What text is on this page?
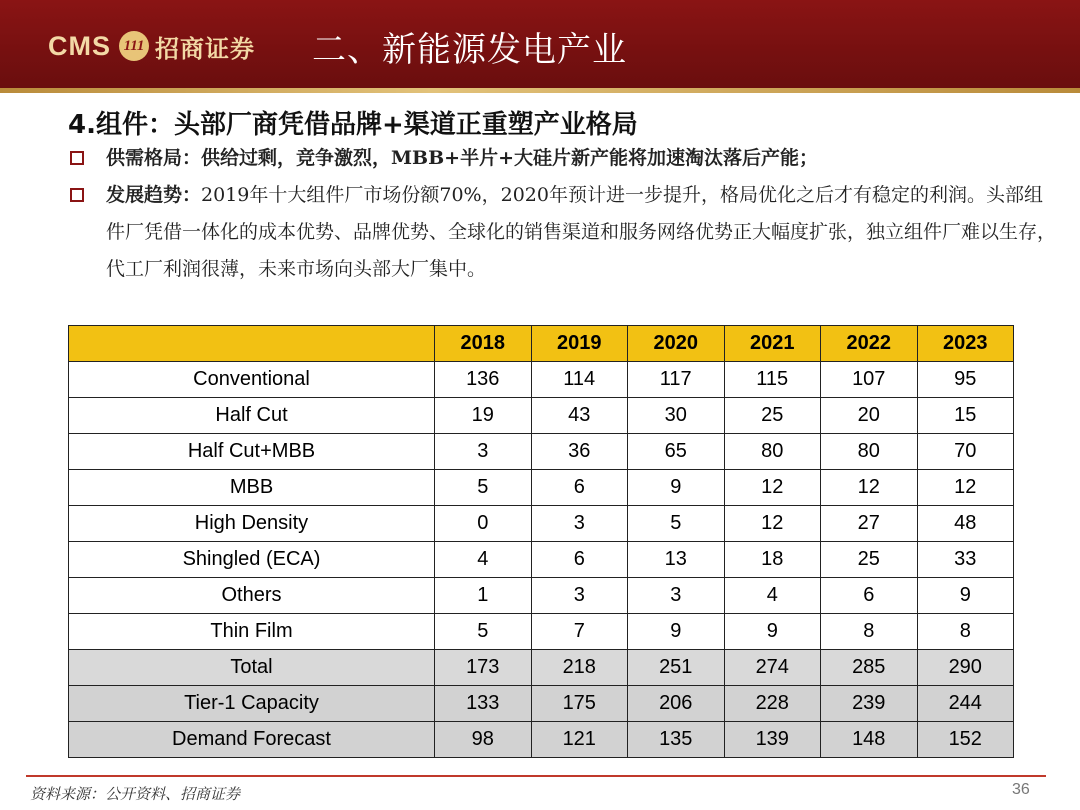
CMS 111 招商证券 二、新能源发电产业
4.组件：头部厂商凭借品牌+渠道正重塑产业格局
供需格局：供给过剩，竞争激烈，MBB+半片+大硅片新产能将加速淘汰落后产能；
发展趋势：2019年十大组件厂市场份额70%，2020年预计进一步提升，格局优化之后才有稳定的利润。头部组件厂凭借一体化的成本优势、品牌优势、全球化的销售渠道和服务网络优势正大幅度扩张，独立组件厂难以生存，代工厂利润很薄，未来市场向头部大厂集中。
	2018	2019	2020	2021	2022	2023
Conventional	136	114	117	115	107	95
Half Cut	19	43	30	25	20	15
Half Cut+MBB	3	36	65	80	80	70
MBB	5	6	9	12	12	12
High Density	0	3	5	12	27	48
Shingled (ECA)	4	6	13	18	25	33
Others	1	3	3	4	6	9
Thin Film	5	7	9	9	8	8
Total	173	218	251	274	285	290
Tier-1 Capacity	133	175	206	228	239	244
Demand Forecast	98	121	135	139	148	152
资料来源：公开资料、招商证券	36
